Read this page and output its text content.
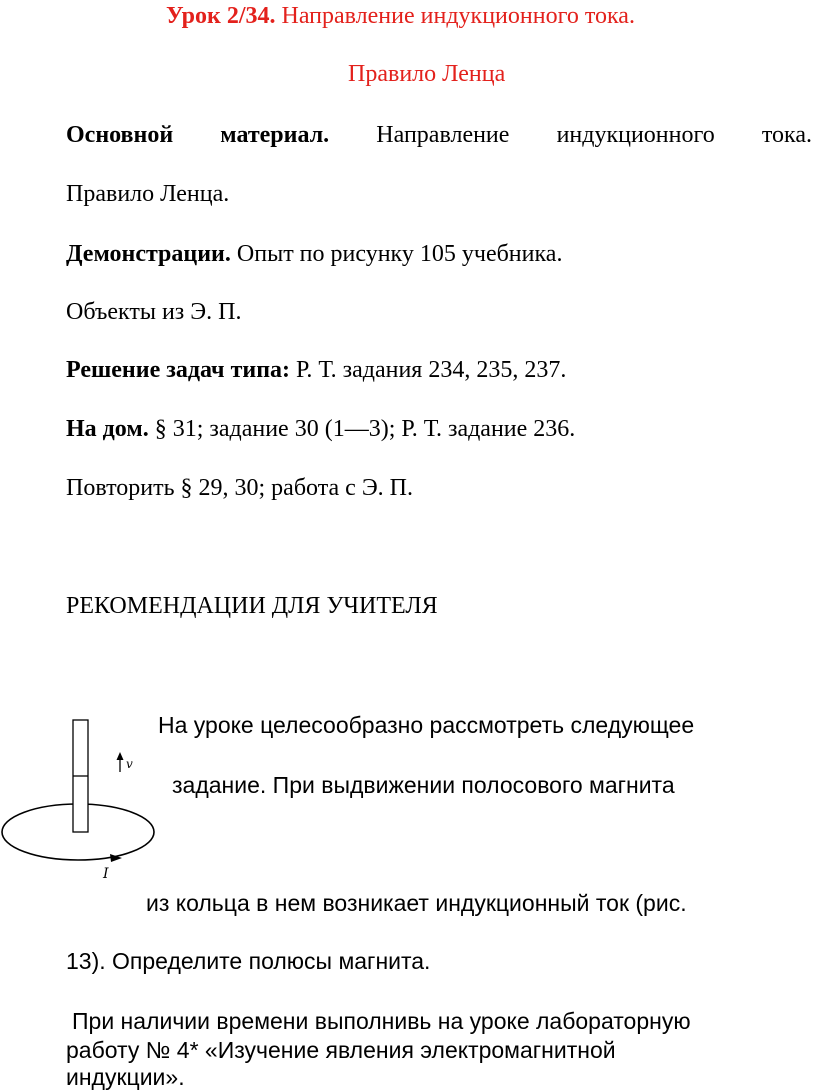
Урок 2/34. Направление индукционного тока.
Правило Ленца
Основной материал. Направление индукционного тока.
Правило Ленца.
Демонстрации. Опыт по рисунку 105 учебника.
Объекты из Э. П.
Решение задач типа: Р. Т. задания 234, 235, 237.
На дом. § 31; задание 30 (1—3); Р. Т. задание 236.
Повторить § 29, 30; работа с Э. П.
РЕКОМЕНДАЦИИ ДЛЯ УЧИТЕЛЯ
v
I
На уроке целесообразно рассмотреть следующее
задание. При выдвижении полосового магнита
из кольца в нем возникает индукционный ток (рис.
13). Определите полюсы магнита.
При наличии времени выполнивь на уроке лабораторную
работу № 4* «Изучение явления электромагнитной
индукции».
